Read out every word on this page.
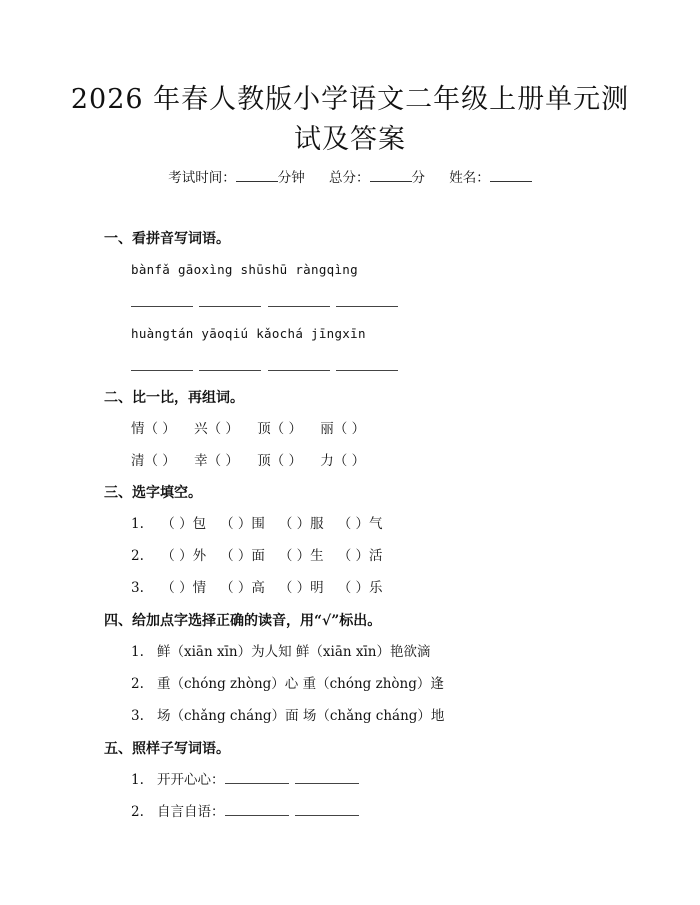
2026 年春人教版小学语文二年级上册单元测
试及答案
考试时间：	分钟 总分：	分 姓名：
一、看拼音写词语。
bànfǎ gāoxìng shūshū ràngqìng
huàngtán yāoqiú kǎochá jīngxīn
二、比一比，再组词。
情（ ） 兴（ ） 顶（ ） 丽（ ）
清（ ） 幸（ ） 顶（ ） 力（ ）
三、选字填空。
1. （ ）包 （ ）围 （ ）服 （ ）气
2. （ ）外 （ ）面 （ ）生 （ ）活
3. （ ）情 （ ）高 （ ）明 （ ）乐
四、给加点字选择正确的读音，用“√”标出。
1. 鲜（xiān xīn）为人知 鲜（xiān xīn）艳欲滴
2. 重（chóng zhòng）心 重（chóng zhòng）逢
3. 场（chǎng cháng）面 场（chǎng cháng）地
五、照样子写词语。
1. 开开心心：
2. 自言自语：
